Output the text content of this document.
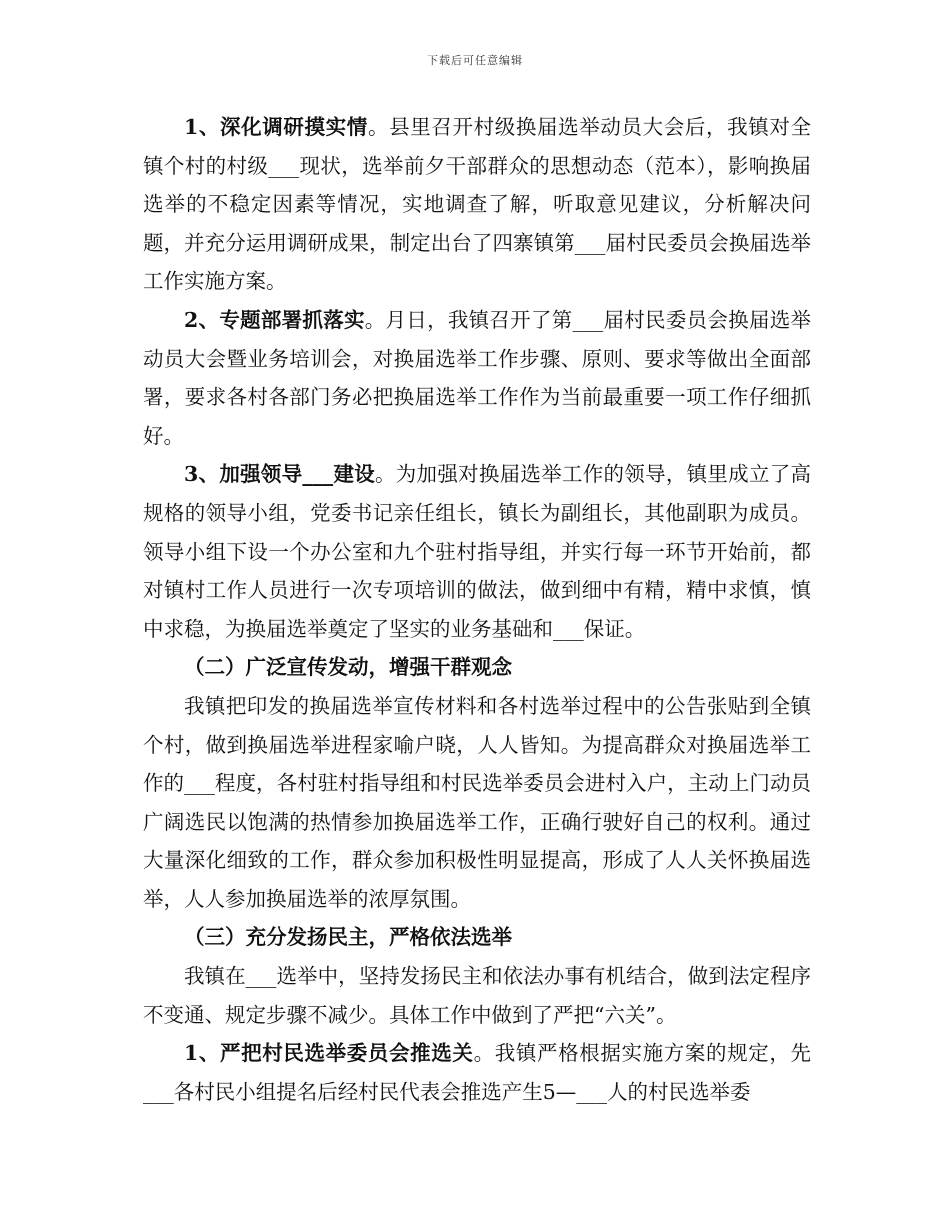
下载后可任意编辑

1、深化调研摸实情。县里召开村级换届选举动员大会后，我镇对全镇个村的村级___现状，选举前夕干部群众的思想动态（范本），影响换届选举的不稳定因素等情况，实地调查了解，听取意见建议，分析解决问题，并充分运用调研成果，制定出台了四寨镇第___届村民委员会换届选举工作实施方案。

2、专题部署抓落实。月日，我镇召开了第___届村民委员会换届选举动员大会暨业务培训会，对换届选举工作步骤、原则、要求等做出全面部署，要求各村各部门务必把换届选举工作作为当前最重要一项工作仔细抓好。

3、加强领导___建设。为加强对换届选举工作的领导，镇里成立了高规格的领导小组，党委书记亲任组长，镇长为副组长，其他副职为成员。领导小组下设一个办公室和九个驻村指导组，并实行每一环节开始前，都对镇村工作人员进行一次专项培训的做法，做到细中有精，精中求慎，慎中求稳，为换届选举奠定了坚实的业务基础和___保证。

（二）广泛宣传发动，增强干群观念

我镇把印发的换届选举宣传材料和各村选举过程中的公告张贴到全镇个村，做到换届选举进程家喻户晓，人人皆知。为提高群众对换届选举工作的___程度，各村驻村指导组和村民选举委员会进村入户，主动上门动员广阔选民以饱满的热情参加换届选举工作，正确行驶好自己的权利。通过大量深化细致的工作，群众参加积极性明显提高，形成了人人关怀换届选举，人人参加换届选举的浓厚氛围。

（三）充分发扬民主，严格依法选举

我镇在___选举中，坚持发扬民主和依法办事有机结合，做到法定程序不变通、规定步骤不减少。具体工作中做到了严把“六关”。

1、严把村民选举委员会推选关。我镇严格根据实施方案的规定，先___各村民小组提名后经村民代表会推选产生5—___人的村民选举委
